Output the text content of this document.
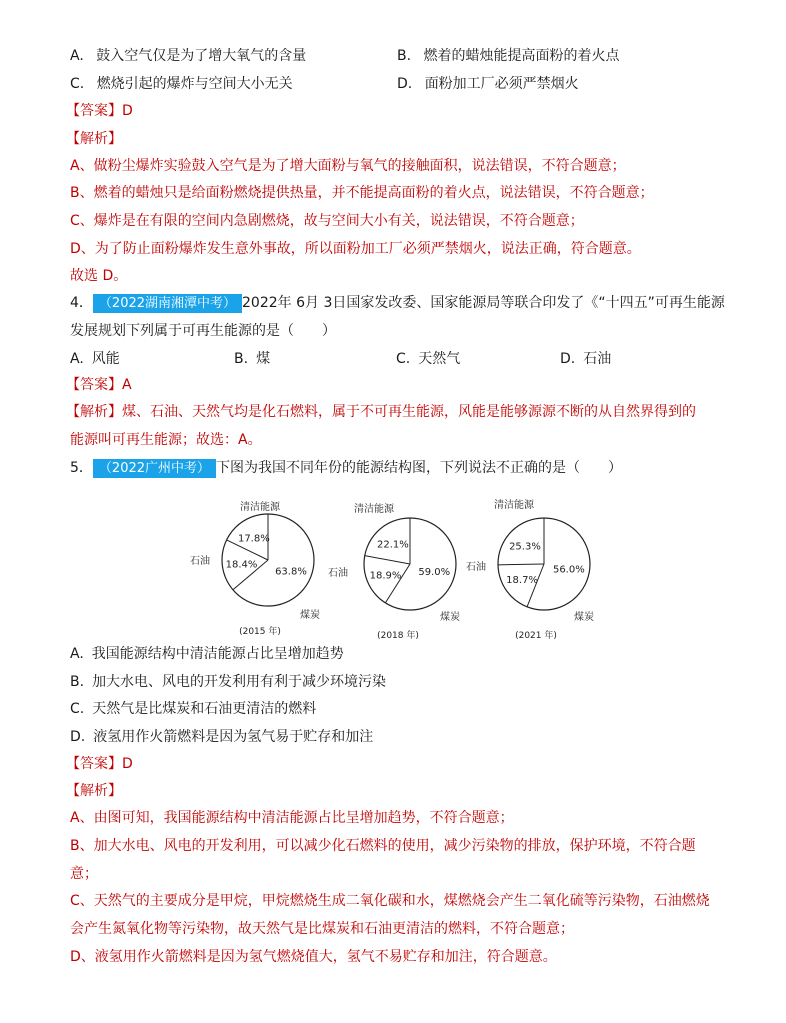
A. 鼓入空气仅是为了增大氧气的含量	B. 燃着的蜡烛能提高面粉的着火点
C. 燃烧引起的爆炸与空间大小无关	D. 面粉加工厂必须严禁烟火
【答案】D
【解析】
A、做粉尘爆炸实验鼓入空气是为了增大面粉与氧气的接触面积，说法错误，不符合题意；
B、燃着的蜡烛只是给面粉燃烧提供热量，并不能提高面粉的着火点，说法错误，不符合题意；
C、爆炸是在有限的空间内急剧燃烧，故与空间大小有关，说法错误，不符合题意；
D、为了防止面粉爆炸发生意外事故，所以面粉加工厂必须严禁烟火，说法正确，符合题意。
故选 D。
4． （2022湖南湘潭中考） 2022年 6月 3日国家发改委、国家能源局等联合印发了《“十四五”可再生能源
发展规划下列属于可再生能源的是（　　）
A. 风能	B. 煤	C. 天然气	D. 石油
【答案】A
【解析】煤、石油、天然气均是化石燃料，属于不可再生能源，风能是能够源源不断的从自然界得到的
能源叫可再生能源；故选：A。
5． （2022广州中考） 下图为我国不同年份的能源结构图，下列说法不正确的是（　　）
17.8%
18.4%
63.8%
清洁能源
石油
煤炭
(2015 年)
22.1%
18.9% 59.0%
清洁能源
石油
煤炭
(2018 年)
25.3%
18.7%
56.0%
清洁能源
石油
煤炭
(2021 年)
A. 我国能源结构中清洁能源占比呈增加趋势
B. 加大水电、风电的开发利用有利于减少环境污染
C. 天然气是比煤炭和石油更清洁的燃料
D. 液氢用作火箭燃料是因为氢气易于贮存和加注
【答案】D
【解析】
A、由图可知，我国能源结构中清洁能源占比呈增加趋势，不符合题意；
B、加大水电、风电的开发利用，可以减少化石燃料的使用，减少污染物的排放，保护环境，不符合题
意；
C、天然气的主要成分是甲烷，甲烷燃烧生成二氧化碳和水，煤燃烧会产生二氧化硫等污染物，石油燃烧
会产生氮氧化物等污染物，故天然气是比煤炭和石油更清洁的燃料，不符合题意；
D、液氢用作火箭燃料是因为氢气燃烧值大，氢气不易贮存和加注，符合题意。
